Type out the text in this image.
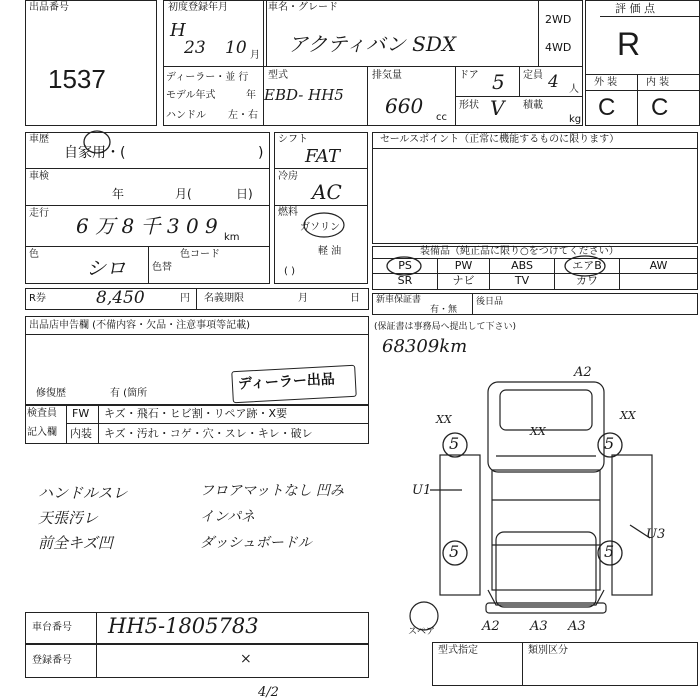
出品番号
1537
初度登録年月
H
23 10 月
車名・グレード
アクティバン SDX
2WD
4WD
評 価 点
R
外 装	内 装
C C
ディーラー・並 行
モデル年式	年
ハンドル 左・右
型式
EBD- HH5
排気量
660 cc
ドア 5 定員 4 人
形状 V 積載
kg
車歴
自家用・(	)
車検
年	月(	日)
走行
6 万 8 千 3 0 9 km
色
シロ	色替
色コード
シフト
FAT
冷房
AC
燃料
ガソリン
軽 油
( )
セールスポイント（正常に機能するものに限ります）
装備品（純正品に限り○をつけてください）
PS	PW	ABS	エアB	AW
SR	ナビ	TV	カワ
R券	8,450	円 名義期限	月	日 新車保証書
有・無
後日品
(保証書は事務局へ提出して下さい)
68309km
出品店申告欄 (不備内容・欠品・注意事項等記載)
ディーラー出品
修復歴	有 (箇所
検査員
記入欄
FW キズ・飛石・ヒビ割・リペア跡・X要
内装 キズ・汚れ・コゲ・穴・スレ・キレ・破レ
ハンドルスレ
天張汚レ
前全キズ凹
フロアマットなし 凹み
インパネ
ダッシュボードル
5	5
5	5
A2
XX
XX
XX
U1
U3
A2 A3 A3
スペア
車台番号 HH5-1805783
登録番号	×
型式指定	類別区分
4/2
